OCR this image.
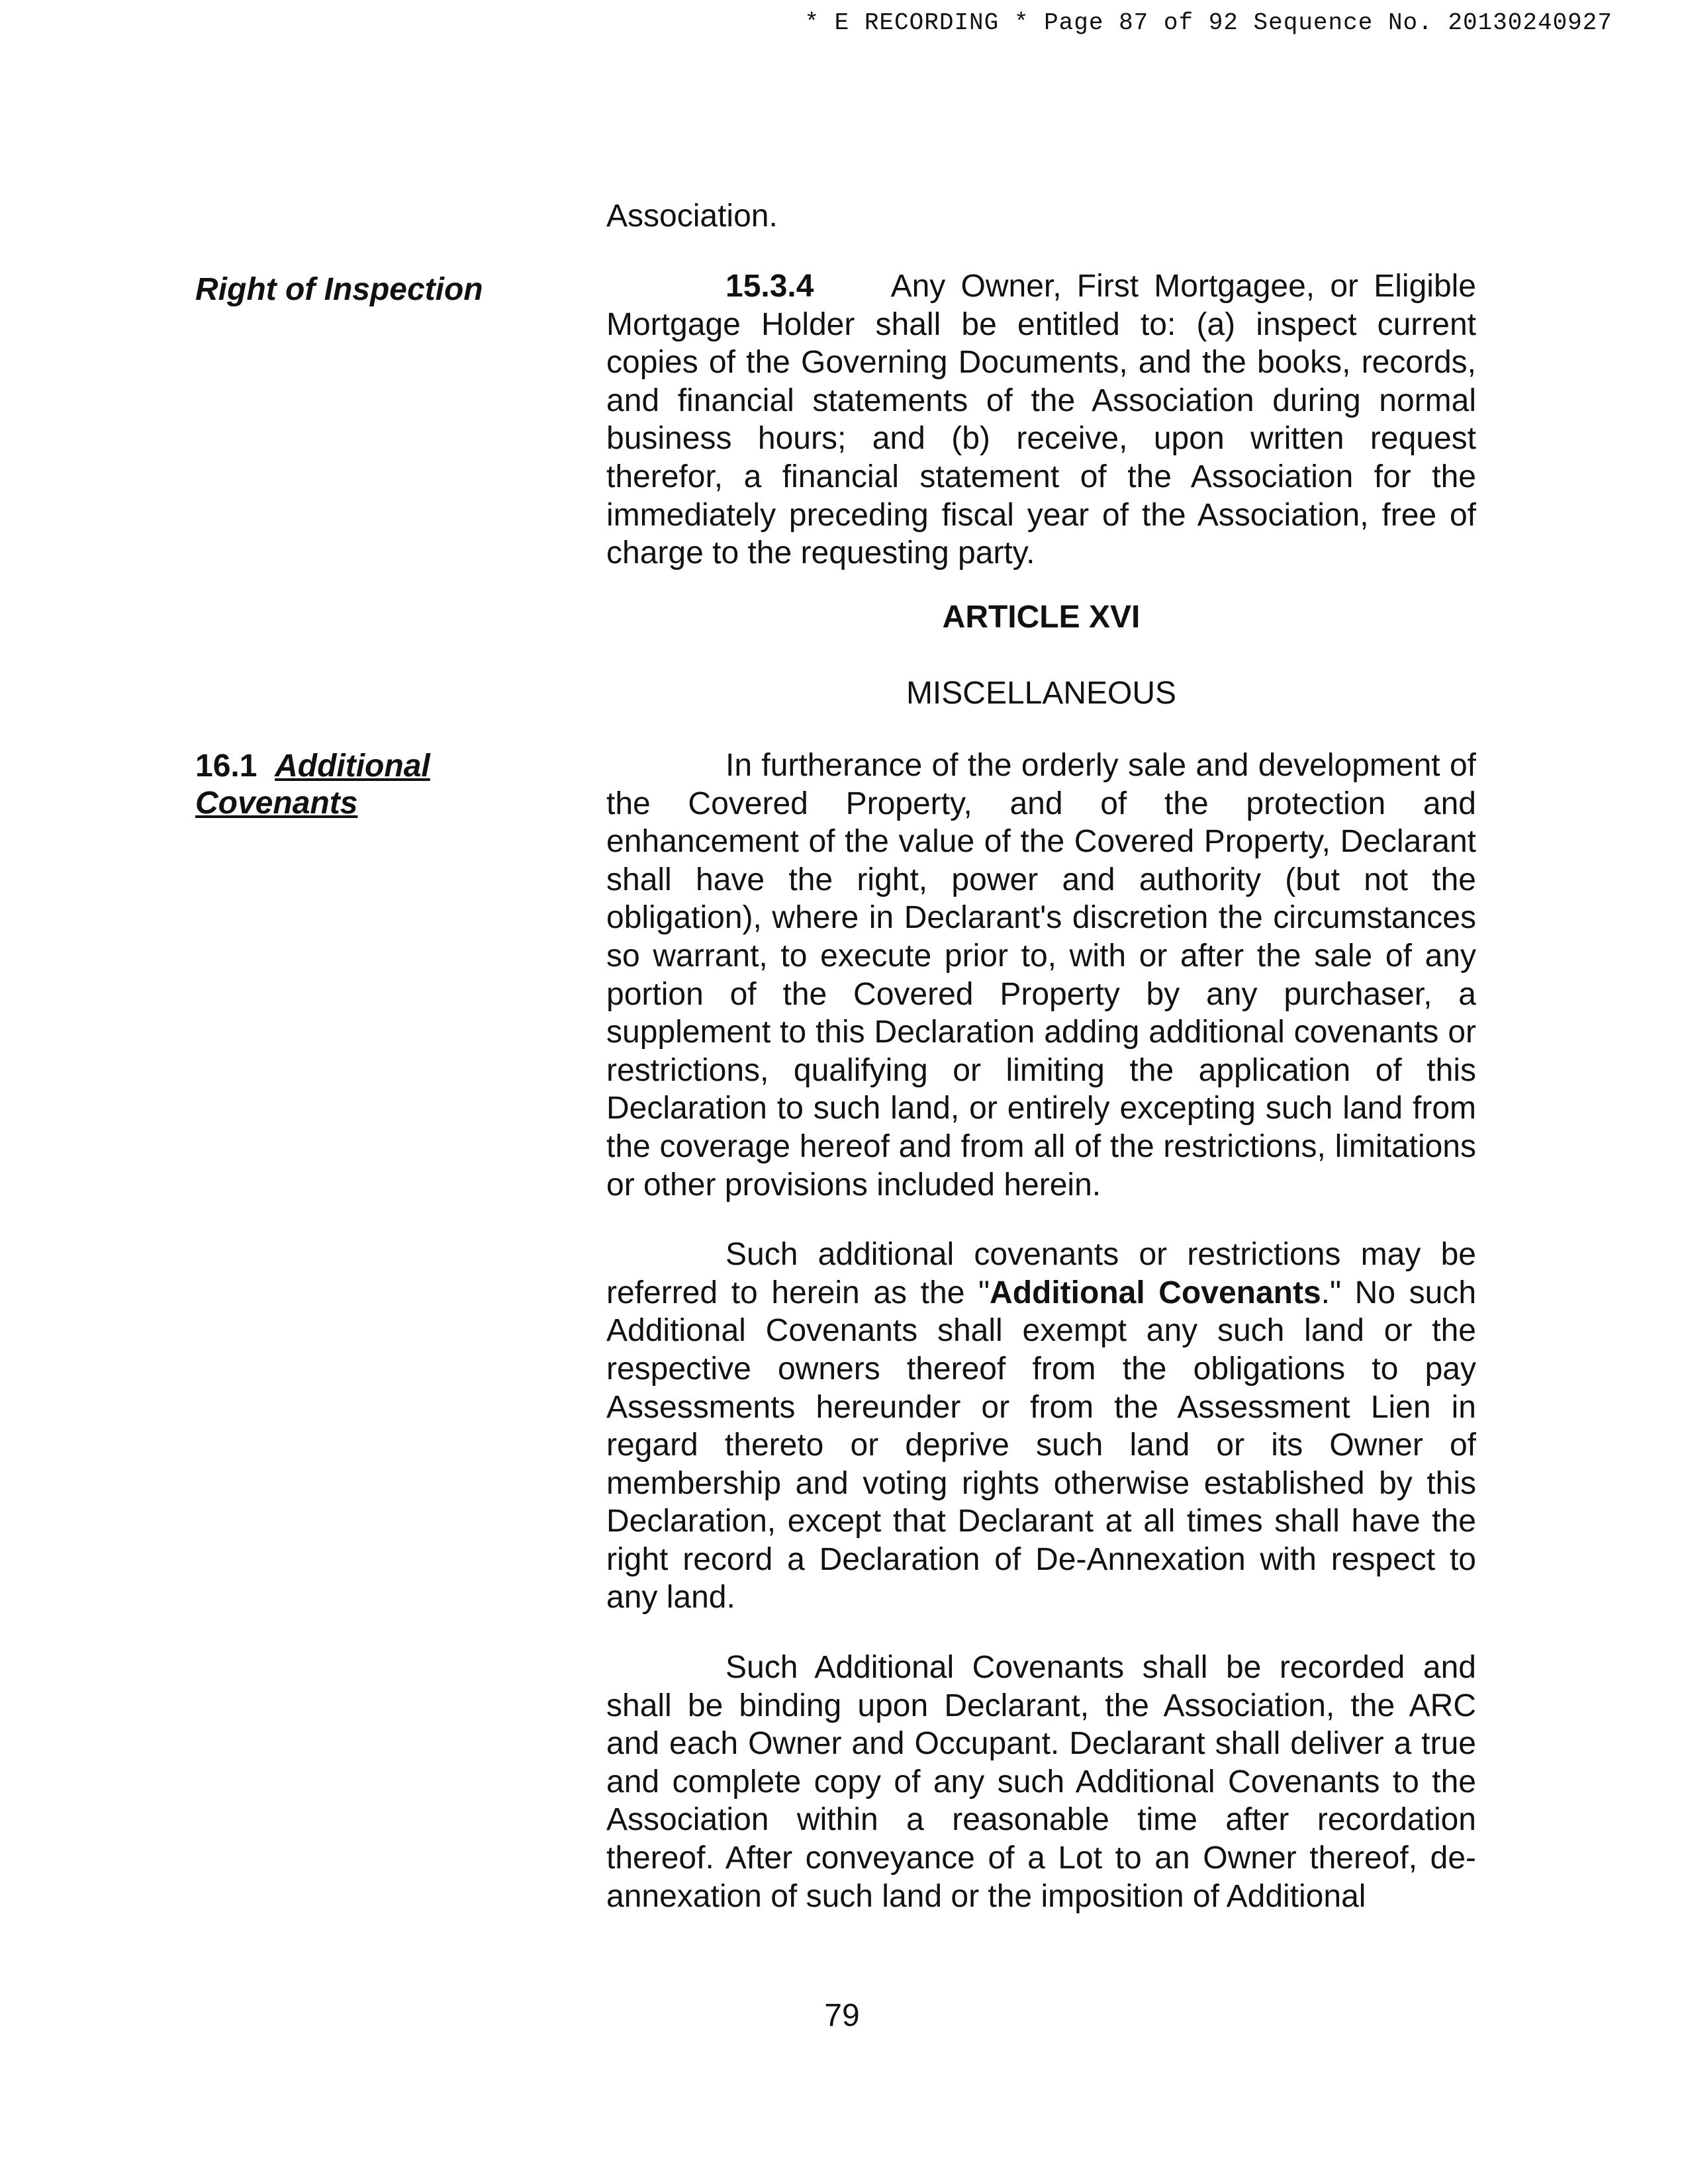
* E RECORDING * Page 87 of 92 Sequence No. 20130240927

Association.

Right of Inspection	15.3.4 Any Owner, First Mortgagee, or Eligible Mortgage Holder shall be entitled to: (a) inspect current copies of the Governing Documents, and the books, records, and financial statements of the Association during normal business hours; and (b) receive, upon written request therefor, a financial statement of the Association for the immediately preceding fiscal year of the Association, free of charge to the requesting party.

ARTICLE XVI
MISCELLANEOUS
16.1 Additional
Covenants

In furtherance of the orderly sale and development of the Covered Property, and of the protection and enhancement of the value of the Covered Property, Declarant shall have the right, power and authority (but not the obligation), where in Declarant's discretion the circumstances so warrant, to execute prior to, with or after the sale of any portion of the Covered Property by any purchaser, a supplement to this Declaration adding additional covenants or restrictions, qualifying or limiting the application of this Declaration to such land, or entirely excepting such land from the coverage hereof and from all of the restrictions, limitations or other provisions included herein.

Such additional covenants or restrictions may be referred to herein as the "Additional Covenants." No such Additional Covenants shall exempt any such land or the respective owners thereof from the obligations to pay Assessments hereunder or from the Assessment Lien in regard thereto or deprive such land or its Owner of membership and voting rights otherwise established by this Declaration, except that Declarant at all times shall have the right record a Declaration of De-Annexation with respect to any land.

Such Additional Covenants shall be recorded and shall be binding upon Declarant, the Association, the ARC and each Owner and Occupant. Declarant shall deliver a true and complete copy of any such Additional Covenants to the Association within a reasonable time after recordation thereof. After conveyance of a Lot to an Owner thereof, de-annexation of such land or the imposition of Additional

79
